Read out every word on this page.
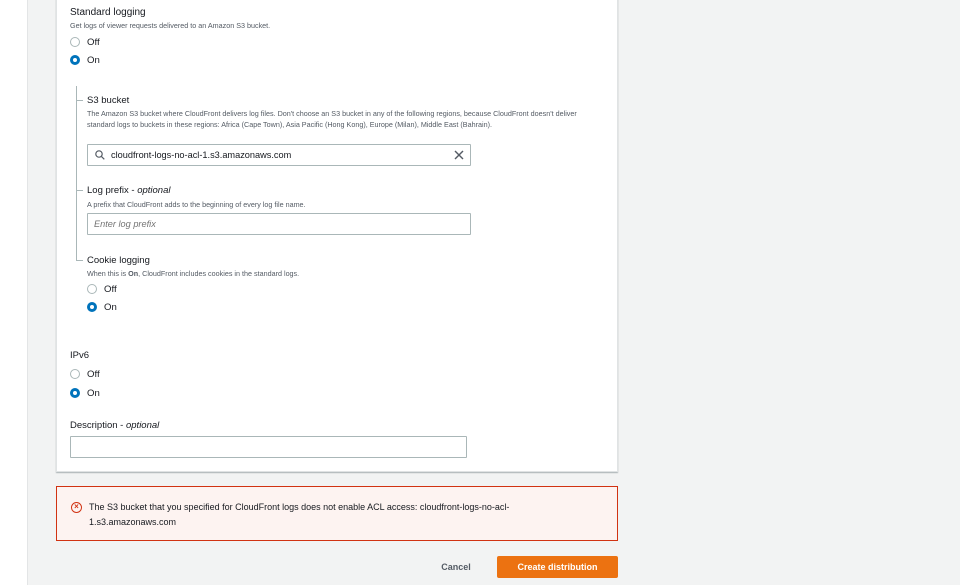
Standard logging
Get logs of viewer requests delivered to an Amazon S3 bucket.
Off
On
S3 bucket
The Amazon S3 bucket where CloudFront delivers log files. Don't choose an S3 bucket in any of the following regions, because CloudFront doesn't deliver standard logs to buckets in these regions: Africa (Cape Town), Asia Pacific (Hong Kong), Europe (Milan), Middle East (Bahrain).
cloudfront-logs-no-acl-1.s3.amazonaws.com
Log prefix - optional
A prefix that CloudFront adds to the beginning of every log file name.
Enter log prefix
Cookie logging
When this is On, CloudFront includes cookies in the standard logs.
Off
On
IPv6
Off
On
Description - optional
×	The S3 bucket that you specified for CloudFront logs does not enable ACL access: cloudfront-logs-no-acl-1.s3.amazonaws.com
Cancel	Create distribution
